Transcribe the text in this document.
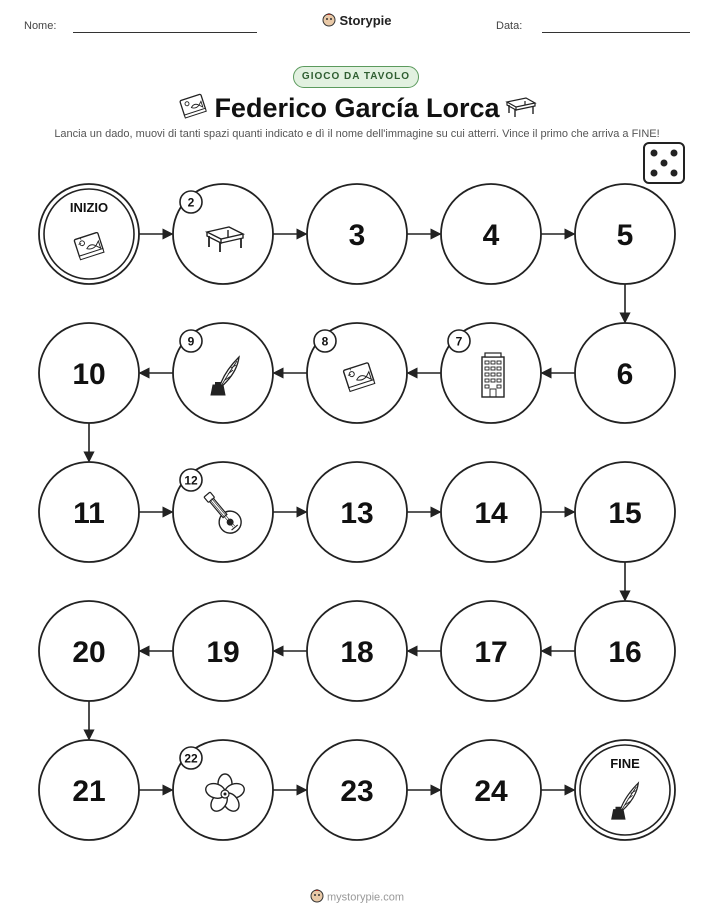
Nome:	Storypie	Data:
GIOCO DA TAVOLO
Federico García Lorca
Lancia un dado, muovi di tanti spazi quanti indicato e dì il nome dell'immagine su cui atterri. Vince il primo che arriva a FINE!
INIZIO	2
3	4	5
6
7
8
9
10
11
12
13	14	15
16
17
18
19
20
21
22
23	24
FINE
mystorypie.com
